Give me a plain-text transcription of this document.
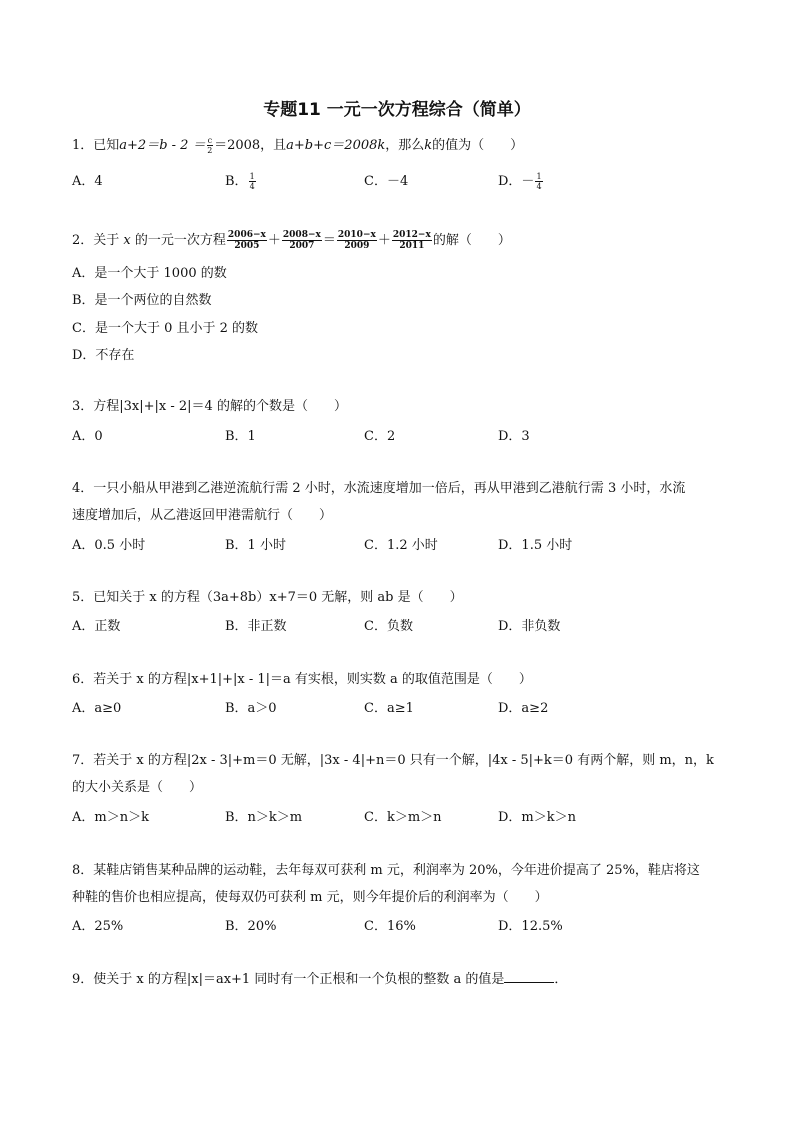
专题11 一元一次方程综合（简单）
1．已知$a+2=b - 2 = \frac{c}{2} =2008$，且a+b+c＝2008k，那么k的值为（　　）
A．4	B． $\frac{1}{4}$	C．－4	D．－ $\frac{1}{4}$
2．关于 x 的一元一次方程 $\frac{2006-x}{2005} + \frac{2008-x}{2007} = \frac{2010-x}{2009} + \frac{2012-x}{2011}$ 的解（　　）
A．是一个大于 1000 的数
B．是一个两位的自然数
C．是一个大于 0 且小于 2 的数
D．不存在
3．方程|3x|+|x - 2|＝4 的解的个数是（　　）
A．0	B．1	C．2	D．3
4．一只小船从甲港到乙港逆流航行需 2 小时，水流速度增加一倍后，再从甲港到乙港航行需 3 小时，水流
速度增加后，从乙港返回甲港需航行（　　）
A．0.5 小时	B．1 小时	C．1.2 小时	D．1.5 小时
5．已知关于 x 的方程（3a+8b）x+7＝0 无解，则 ab 是（　　）
A．正数	B．非正数	C．负数	D．非负数
6．若关于 x 的方程|x+1|+|x - 1|＝a 有实根，则实数 a 的取值范围是（　　）
A．a≥0	B．a＞0	C．a≥1	D．a≥2
7．若关于 x 的方程|2x - 3|+m＝0 无解，|3x - 4|+n＝0 只有一个解，|4x - 5|+k＝0 有两个解，则 m，n，k
的大小关系是（　　）
A．m＞n＞k	B．n＞k＞m	C．k＞m＞n	D．m＞k＞n
8．某鞋店销售某种品牌的运动鞋，去年每双可获利 m 元，利润率为 20%，今年进价提高了 25%，鞋店将这
种鞋的售价也相应提高，使每双仍可获利 m 元，则今年提价后的利润率为（　　）
A．25%	B．20%	C．16%	D．12.5%
9．使关于 x 的方程|x|＝ax+1 同时有一个正根和一个负根的整数 a 的值是	．
